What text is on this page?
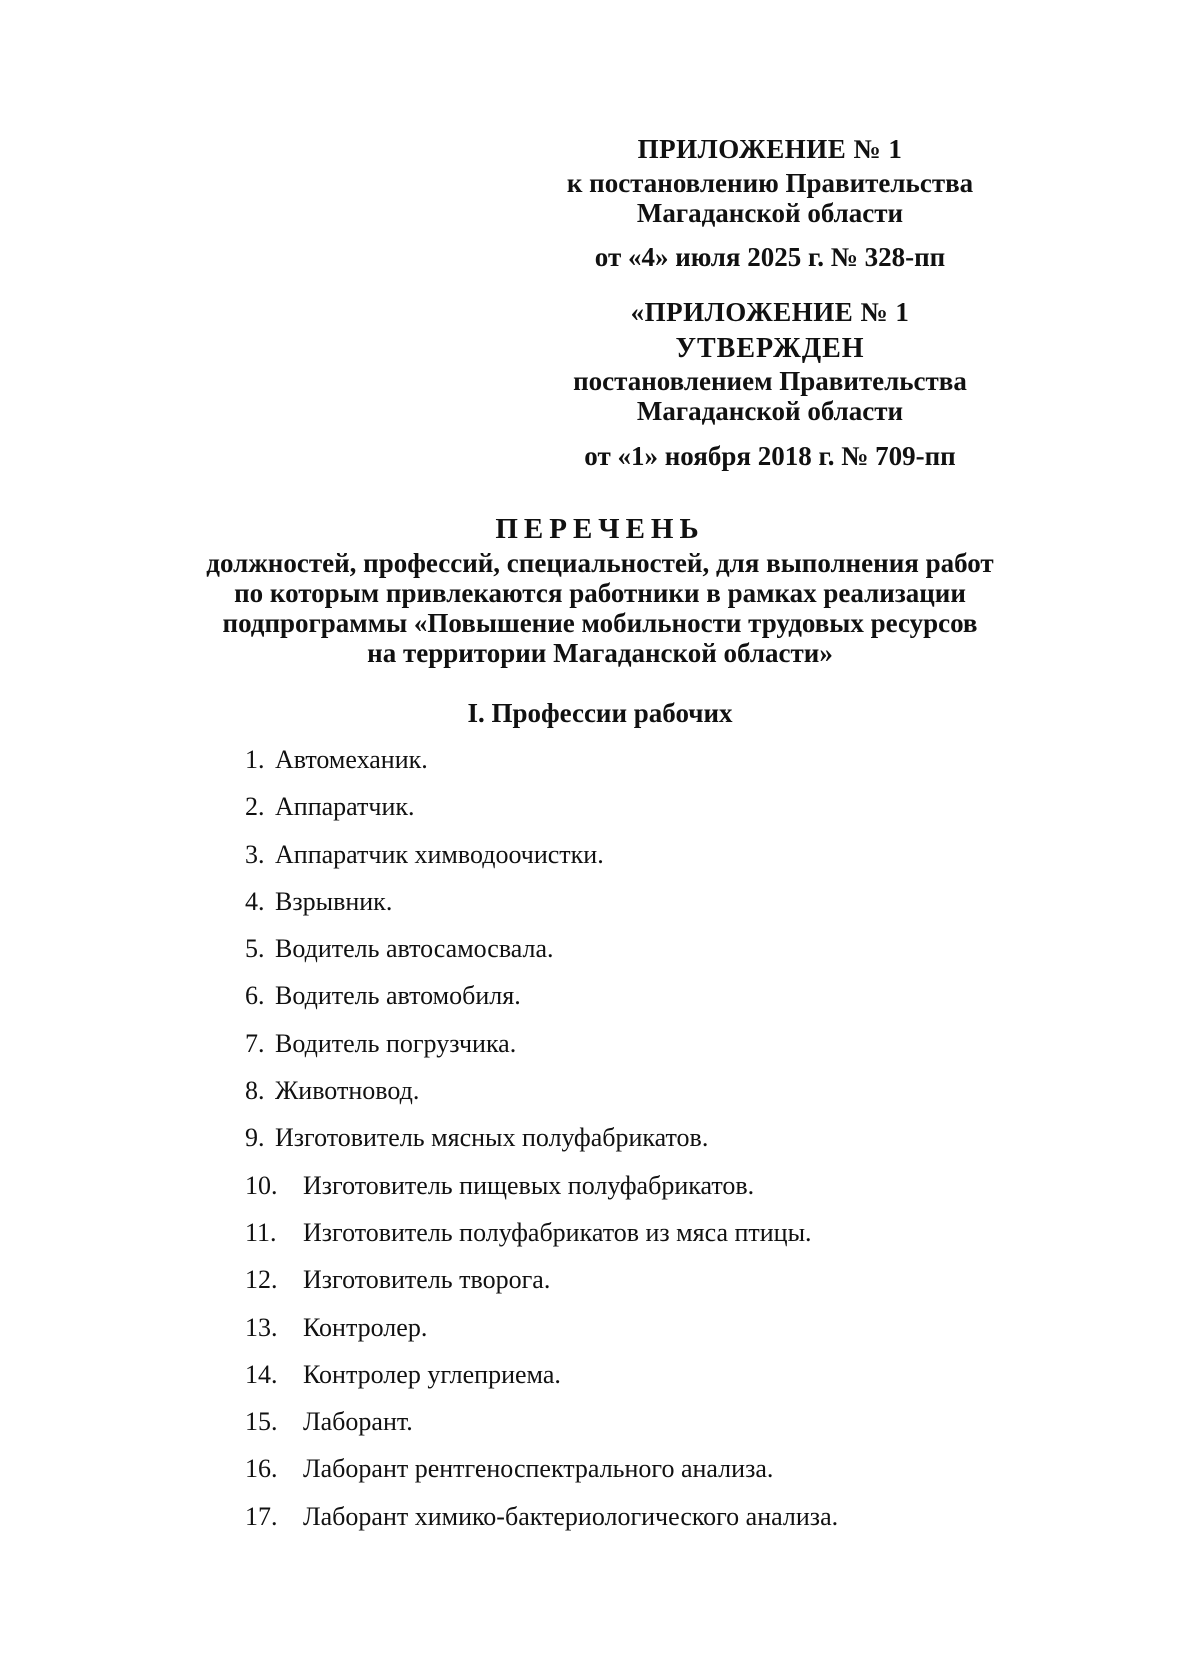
ПРИЛОЖЕНИЕ № 1
к постановлению Правительства
Магаданской области
от «4» июля 2025 г. № 328-пп
«ПРИЛОЖЕНИЕ № 1
УТВЕРЖДЕН
постановлением Правительства
Магаданской области
от «1» ноября 2018 г. № 709-пп
ПЕРЕЧЕНЬ
должностей, профессий, специальностей, для выполнения работ
по которым привлекаются работники в рамках реализации
подпрограммы «Повышение мобильности трудовых ресурсов
на территории Магаданской области»
I. Профессии рабочих
1. Автомеханик.
2. Аппаратчик.
3. Аппаратчик химводоочистки.
4. Взрывник.
5. Водитель автосамосвала.
6. Водитель автомобиля.
7. Водитель погрузчика.
8. Животновод.
9. Изготовитель мясных полуфабрикатов.
10. Изготовитель пищевых полуфабрикатов.
11. Изготовитель полуфабрикатов из мяса птицы.
12. Изготовитель творога.
13. Контролер.
14. Контролер углеприема.
15. Лаборант.
16. Лаборант рентгеноспектрального анализа.
17. Лаборант химико-бактериологического анализа.
